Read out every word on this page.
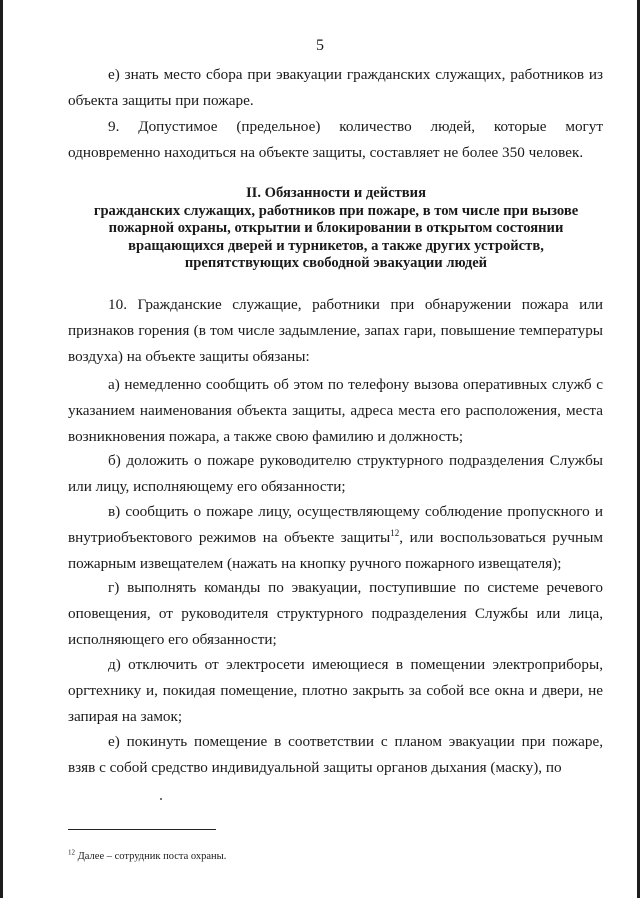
5

е) знать место сбора при эвакуации гражданских служащих, работников из объекта защиты при пожаре.

9. Допустимое (предельное) количество людей, которые могут одновременно находиться на объекте защиты, составляет не более 350 человек.

II. Обязанности и действия
гражданских служащих, работников при пожаре, в том числе при вызове
пожарной охраны, открытии и блокировании в открытом состоянии
вращающихся дверей и турникетов, а также других устройств,
препятствующих свободной эвакуации людей

10. Гражданские служащие, работники при обнаружении пожара или признаков горения (в том числе задымление, запах гари, повышение температуры воздуха) на объекте защиты обязаны:

а) немедленно сообщить об этом по телефону вызова оперативных служб с указанием наименования объекта защиты, адреса места его расположения, места возникновения пожара, а также свою фамилию и должность;

б) доложить о пожаре руководителю структурного подразделения Службы или лицу, исполняющему его обязанности;

в) сообщить о пожаре лицу, осуществляющему соблюдение пропускного и внутриобъектового режимов на объекте защиты$^{12}$, или воспользоваться ручным пожарным извещателем (нажать на кнопку ручного пожарного извещателя);

г) выполнять команды по эвакуации, поступившие по системе речевого оповещения, от руководителя структурного подразделения Службы или лица, исполняющего его обязанности;

д) отключить от электросети имеющиеся в помещении электроприборы, оргтехнику и, покидая помещение, плотно закрыть за собой все окна и двери, не запирая на замок;

е) покинуть помещение в соответствии с планом эвакуации при пожаре, взяв с собой средство индивидуальной защиты органов дыхания (маску), по

$^{12}$ Далее – сотрудник поста охраны.
